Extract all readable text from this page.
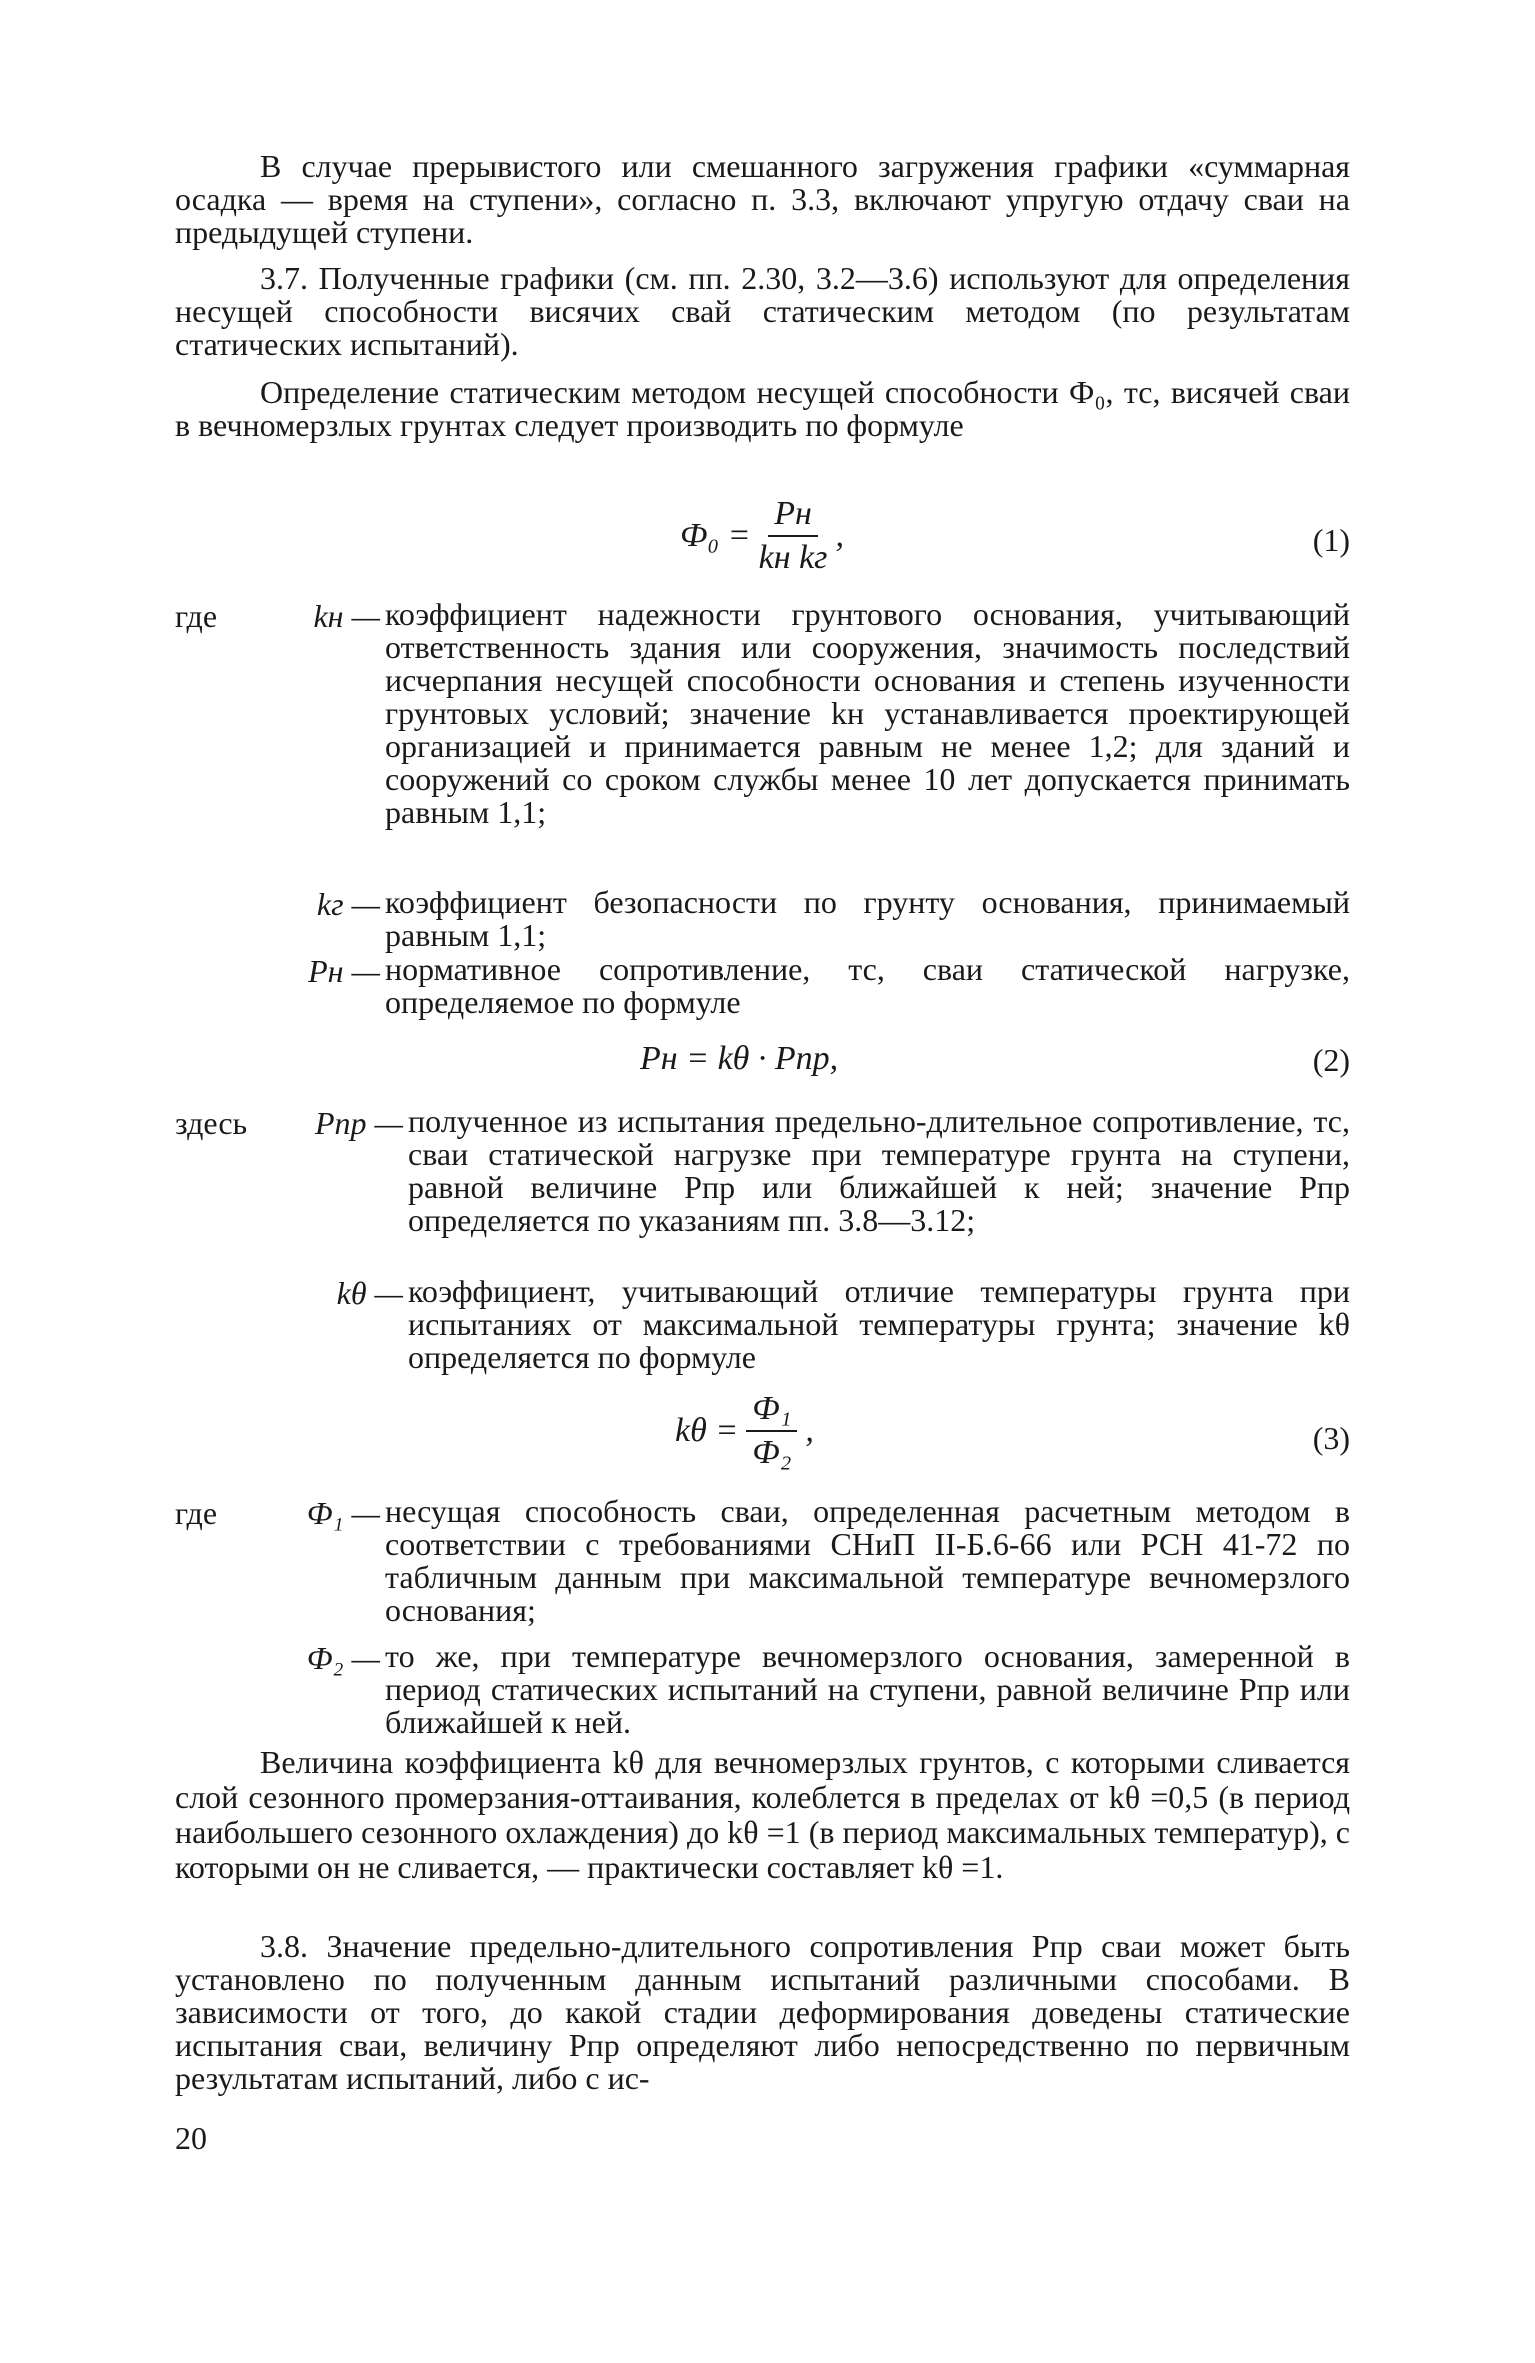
В случае прерывистого или смешанного загружения графики «суммарная осадка — время на ступени», согласно п. 3.3, включают упругую отдачу сваи на предыдущей ступени.

3.7. Полученные графики (см. пп. 2.30, 3.2—3.6) используют для определения несущей способности висячих свай статическим методом (по результатам статических испытаний).

Определение статическим методом несущей способности Ф₀, тс, висячей сваи в вечномерзлых грунтах следует производить по формуле

$Ф_0 = \frac{Pн}{\text{kн kг}}$ ,	(1)
где	kн — коэффициент надежности грунтового основания, учитывающий ответственность здания или сооружения, значимость последствий исчерпания несущей способности основания и степень изученности грунтовых условий; значение kн устанавливается проектирующей организацией и принимается равным не менее 1,2; для зданий и сооружений со сроком службы менее 10 лет допускается принимать равным 1,1;
kг — коэффициент безопасности по грунту основания, принимаемый равным 1,1;
Pн — нормативное сопротивление, тс, сваи статической нагрузке, определяемое по формуле
Pн = kθ · Pпр,	(2)
здесь	Pпр — полученное из испытания предельно-длительное сопротивление, тс, сваи статической нагрузке при температуре грунта на ступени, равной величине Pпр или ближайшей к ней; значение Pпр определяется по указаниям пп. 3.8—3.12;
kθ — коэффициент, учитывающий отличие температуры грунта при испытаниях от максимальной температуры грунта; значение kθ определяется по формуле
$k\theta = \frac{\text{Ф₁}}{\text{Ф₂}}$ ,	(3)
где	Ф₁ — несущая способность сваи, определенная расчетным методом в соответствии с требованиями СНиП II-Б.6-66 или РСН 41-72 по табличным данным при максимальной температуре вечномерзлого основания;
Ф₂ — то же, при температуре вечномерзлого основания, замеренной в период статических испытаний на ступени, равной величине Pпр или ближайшей к ней.

Величина коэффициента kθ для вечномерзлых грунтов, с которыми сливается слой сезонного промерзания-оттаивания, колеблется в пределах от kθ =0,5 (в период наибольшего сезонного охлаждения) до kθ =1 (в период максимальных температур), с которыми он не сливается, — практически составляет kθ =1.

3.8. Значение предельно-длительного сопротивления Pпр сваи может быть установлено по полученным данным испытаний различными способами. В зависимости от того, до какой стадии деформирования доведены статические испытания сваи, величину Pпр определяют либо непосредственно по первичным результатам испытаний, либо с ис-

20
